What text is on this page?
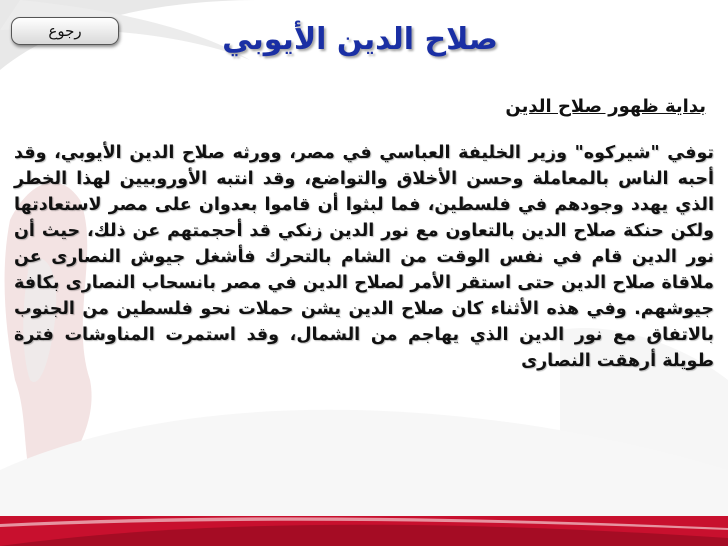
رجوع	صلاح الدين الأيوبي
بداية ظهور صلاح الدين
توفي "شيركوه" وزير الخليفة العباسي في مصر، وورثه صلاح الدين الأيوبي، وقد أحبه الناس بالمعاملة وحسن الأخلاق والتواضع، وقد انتبه الأوروبيين لهذا الخطر الذي يهدد وجودهم في فلسطين، فما لبثوا أن قاموا بعدوان على مصر لاستعادتها ولكن حنكة صلاح الدين بالتعاون مع نور الدين زنكي قد أحجمتهم عن ذلك، حيث أن نور الدين قام في نفس الوقت من الشام بالتحرك فأشغل جيوش النصارى عن ملاقاة صلاح الدين حتى استقر الأمر لصلاح الدين في مصر بانسحاب النصارى بكافة جيوشهم. وفي هذه الأثناء كان صلاح الدين يشن حملات نحو فلسطين من الجنوب بالاتفاق مع نور الدين الذي يهاجم من الشمال، وقد استمرت المناوشات فترة طويلة أرهقت النصارى
